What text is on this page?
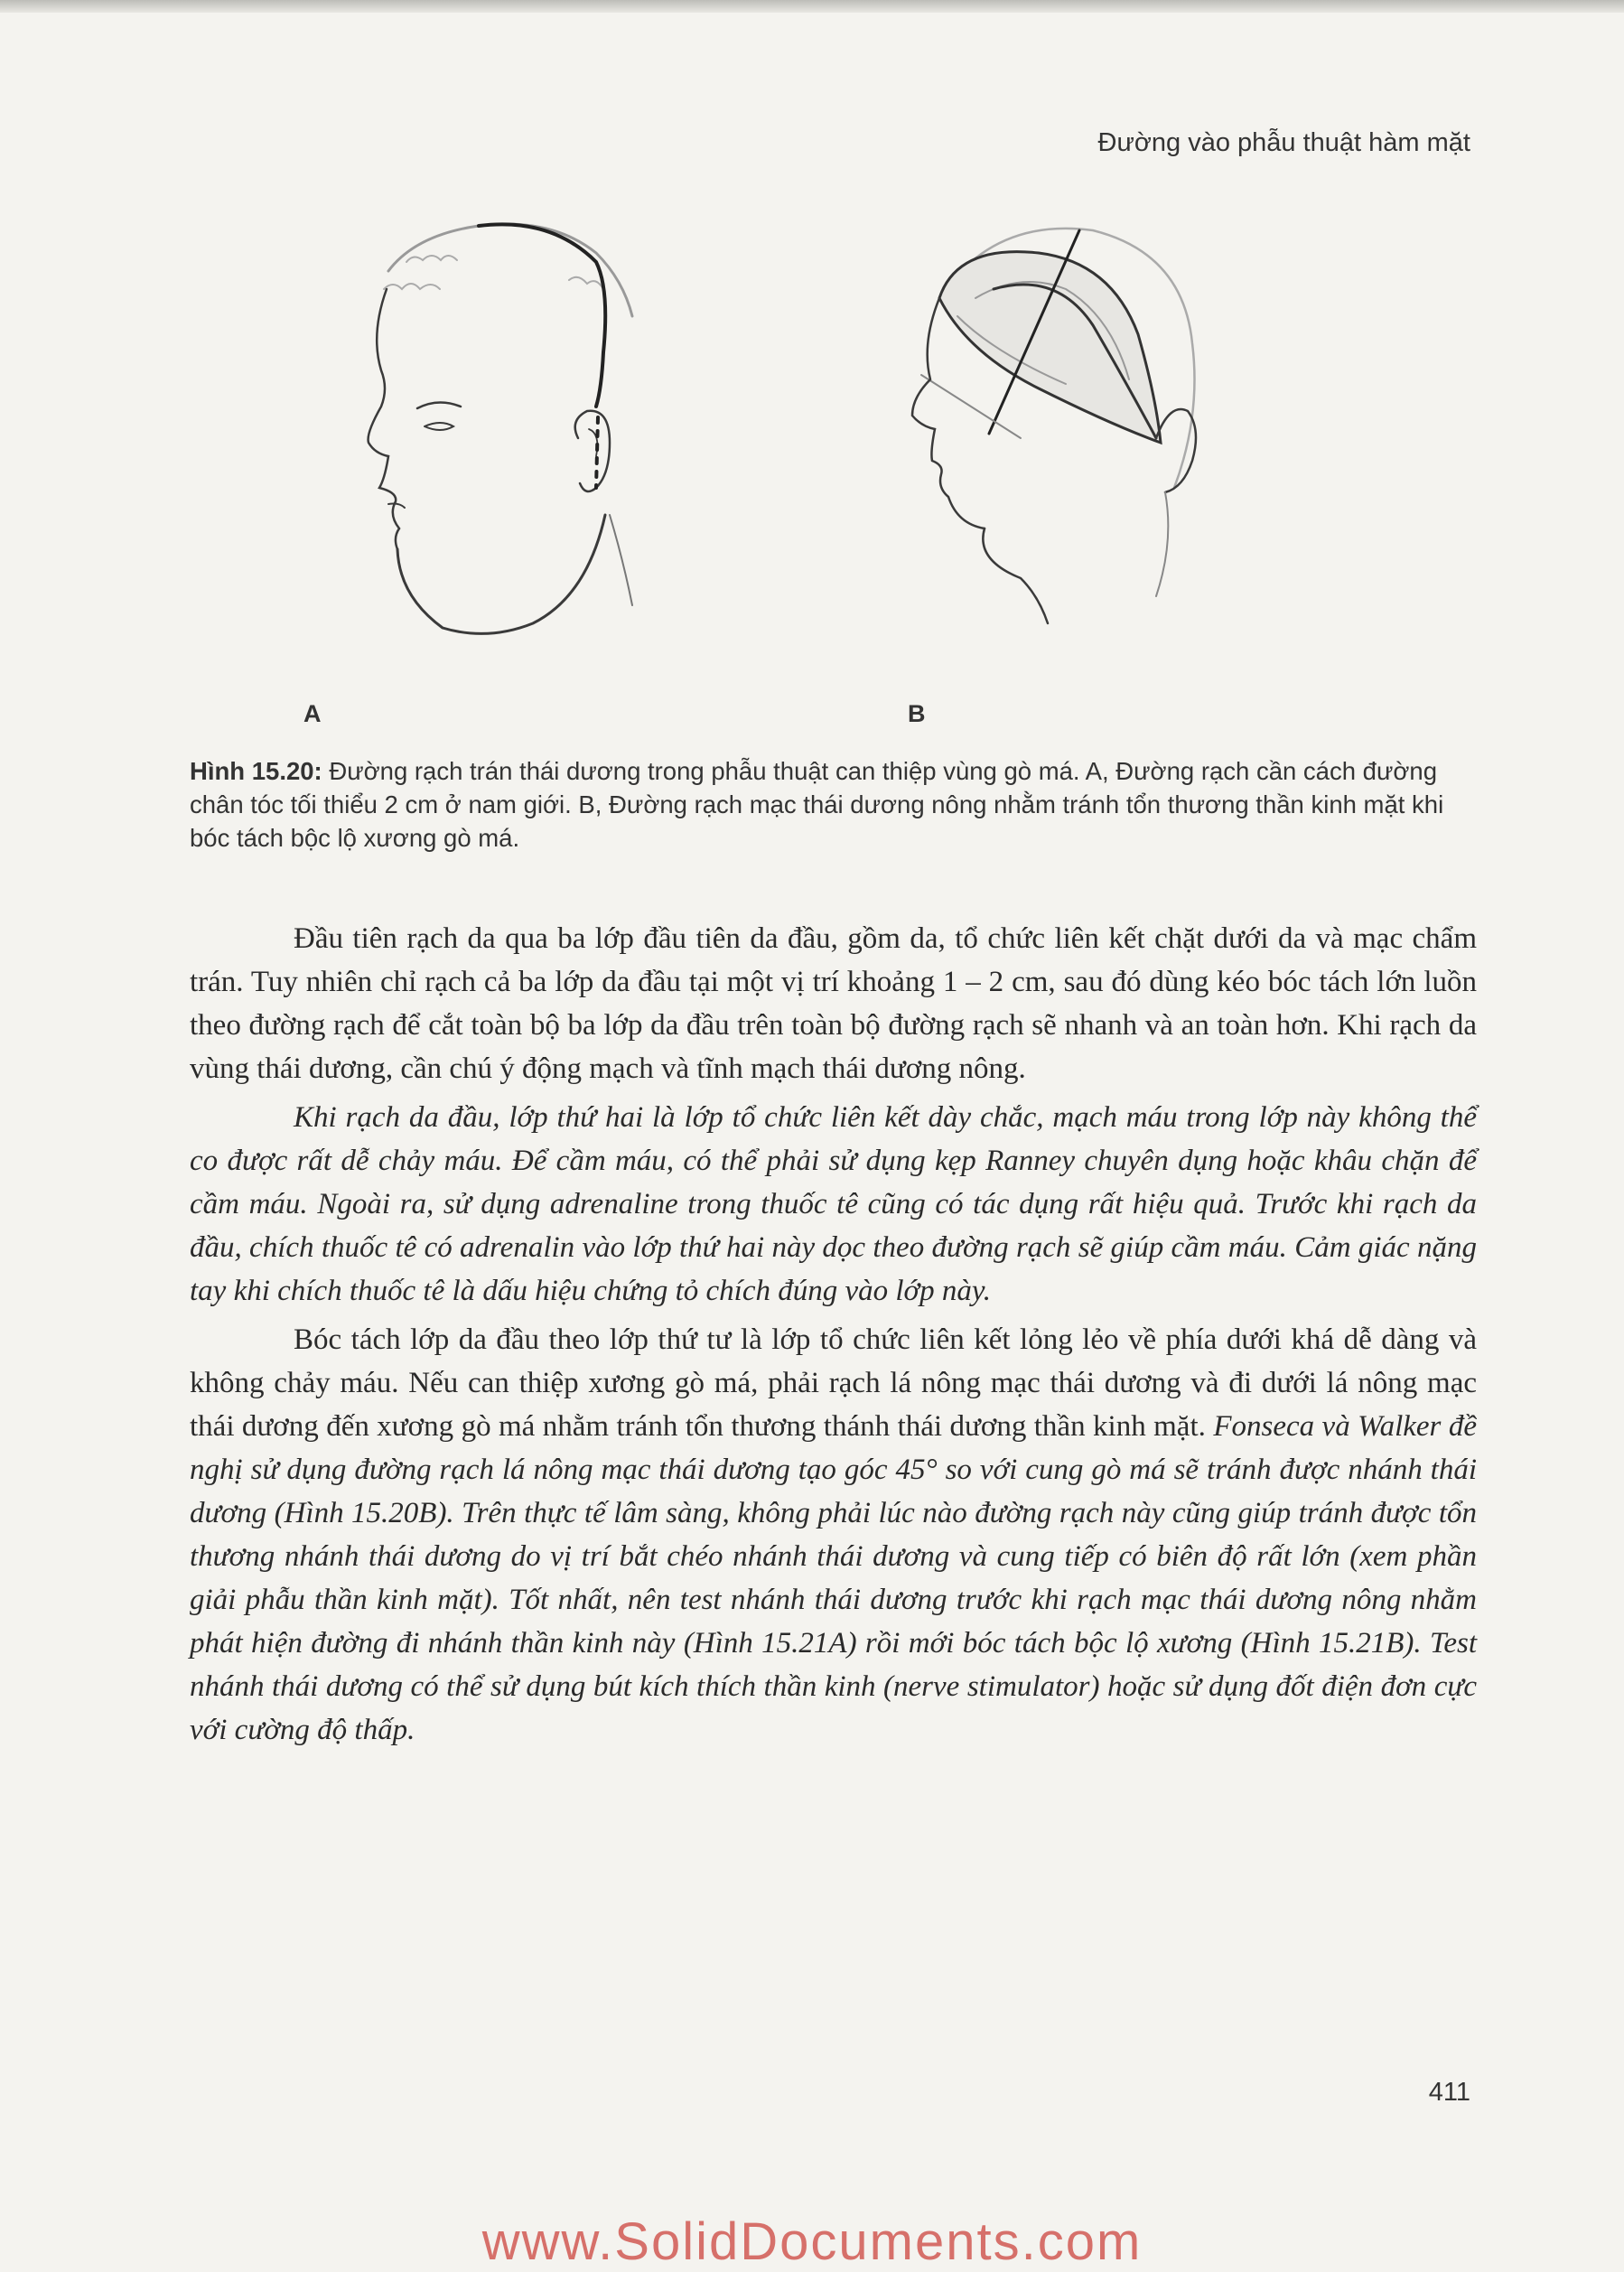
Đường vào phẫu thuật hàm mặt
A	B
Hình 15.20: Đường rạch trán thái dương trong phẫu thuật can thiệp vùng gò má. A, Đường rạch cần cách đường chân tóc tối thiểu 2 cm ở nam giới. B, Đường rạch mạc thái dương nông nhằm tránh tổn thương thần kinh mặt khi bóc tách bộc lộ xương gò má.

Đầu tiên rạch da qua ba lớp đầu tiên da đầu, gồm da, tổ chức liên kết chặt dưới da và mạc chẩm trán. Tuy nhiên chỉ rạch cả ba lớp da đầu tại một vị trí khoảng 1 – 2 cm, sau đó dùng kéo bóc tách lớn luồn theo đường rạch để cắt toàn bộ ba lớp da đầu trên toàn bộ đường rạch sẽ nhanh và an toàn hơn. Khi rạch da vùng thái dương, cần chú ý động mạch và tĩnh mạch thái dương nông.

Khi rạch da đầu, lớp thứ hai là lớp tổ chức liên kết dày chắc, mạch máu trong lớp này không thể co được rất dễ chảy máu. Để cầm máu, có thể phải sử dụng kẹp Ranney chuyên dụng hoặc khâu chặn để cầm máu. Ngoài ra, sử dụng adrenaline trong thuốc tê cũng có tác dụng rất hiệu quả. Trước khi rạch da đầu, chích thuốc tê có adrenalin vào lớp thứ hai này dọc theo đường rạch sẽ giúp cầm máu. Cảm giác nặng tay khi chích thuốc tê là dấu hiệu chứng tỏ chích đúng vào lớp này.

Bóc tách lớp da đầu theo lớp thứ tư là lớp tổ chức liên kết lỏng lẻo về phía dưới khá dễ dàng và không chảy máu. Nếu can thiệp xương gò má, phải rạch lá nông mạc thái dương và đi dưới lá nông mạc thái dương đến xương gò má nhằm tránh tổn thương thánh thái dương thần kinh mặt. Fonseca và Walker đề nghị sử dụng đường rạch lá nông mạc thái dương tạo góc 45° so với cung gò má sẽ tránh được nhánh thái dương (Hình 15.20B). Trên thực tế lâm sàng, không phải lúc nào đường rạch này cũng giúp tránh được tổn thương nhánh thái dương do vị trí bắt chéo nhánh thái dương và cung tiếp có biên độ rất lớn (xem phần giải phẫu thần kinh mặt). Tốt nhất, nên test nhánh thái dương trước khi rạch mạc thái dương nông nhằm phát hiện đường đi nhánh thần kinh này (Hình 15.21A) rồi mới bóc tách bộc lộ xương (Hình 15.21B). Test nhánh thái dương có thể sử dụng bút kích thích thần kinh (nerve stimulator) hoặc sử dụng đốt điện đơn cực với cường độ thấp.

411
www.SolidDocuments.com
